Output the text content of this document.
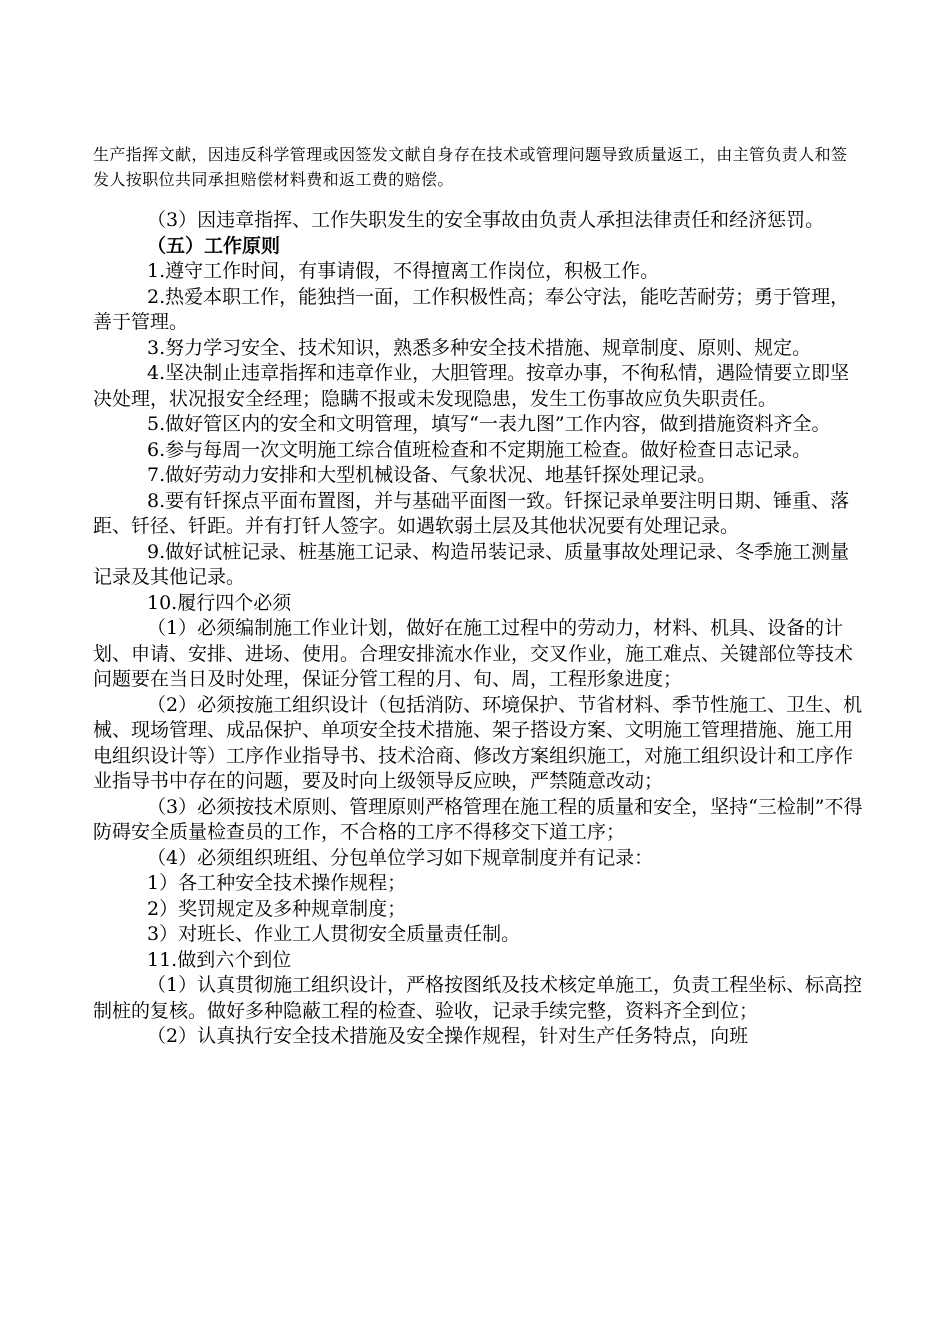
生产指挥文献，因违反科学管理或因签发文献自身存在技术或管理问题导致质量返工，由主管负责人和签发人按职位共同承担赔偿材料费和返工费的赔偿。

（3）因违章指挥、工作失职发生的安全事故由负责人承担法律责任和经济惩罚。

（五）工作原则

1.遵守工作时间，有事请假，不得擅离工作岗位，积极工作。

2.热爱本职工作，能独挡一面，工作积极性高；奉公守法，能吃苦耐劳；勇于管理，善于管理。

3.努力学习安全、技术知识，熟悉多种安全技术措施、规章制度、原则、规定。

4.坚决制止违章指挥和违章作业，大胆管理。按章办事，不徇私情，遇险情要立即坚决处理，状况报安全经理；隐瞒不报或未发现隐患，发生工伤事故应负失职责任。

5.做好管区内的安全和文明管理，填写“一表九图”工作内容，做到措施资料齐全。

6.参与每周一次文明施工综合值班检查和不定期施工检查。做好检查日志记录。

7.做好劳动力安排和大型机械设备、气象状况、地基钎探处理记录。

8.要有钎探点平面布置图，并与基础平面图一致。钎探记录单要注明日期、锤重、落距、钎径、钎距。并有打钎人签字。如遇软弱土层及其他状况要有处理记录。

9.做好试桩记录、桩基施工记录、构造吊装记录、质量事故处理记录、冬季施工测量记录及其他记录。

10.履行四个必须

（1）必须编制施工作业计划，做好在施工过程中的劳动力，材料、机具、设备的计划、申请、安排、进场、使用。合理安排流水作业，交叉作业，施工难点、关键部位等技术问题要在当日及时处理，保证分管工程的月、旬、周，工程形象进度；

（2）必须按施工组织设计（包括消防、环境保护、节省材料、季节性施工、卫生、机械、现场管理、成品保护、单项安全技术措施、架子搭设方案、文明施工管理措施、施工用电组织设计等）工序作业指导书、技术洽商、修改方案组织施工，对施工组织设计和工序作业指导书中存在的问题，要及时向上级领导反应映，严禁随意改动；

（3）必须按技术原则、管理原则严格管理在施工程的质量和安全，坚持“三检制”不得防碍安全质量检查员的工作，不合格的工序不得移交下道工序；

（4）必须组织班组、分包单位学习如下规章制度并有记录：

1）各工种安全技术操作规程；

2）奖罚规定及多种规章制度；

3）对班长、作业工人贯彻安全质量责任制。

11.做到六个到位

（1）认真贯彻施工组织设计，严格按图纸及技术核定单施工，负责工程坐标、标高控制桩的复核。做好多种隐蔽工程的检查、验收，记录手续完整，资料齐全到位；

（2）认真执行安全技术措施及安全操作规程，针对生产任务特点，向班
